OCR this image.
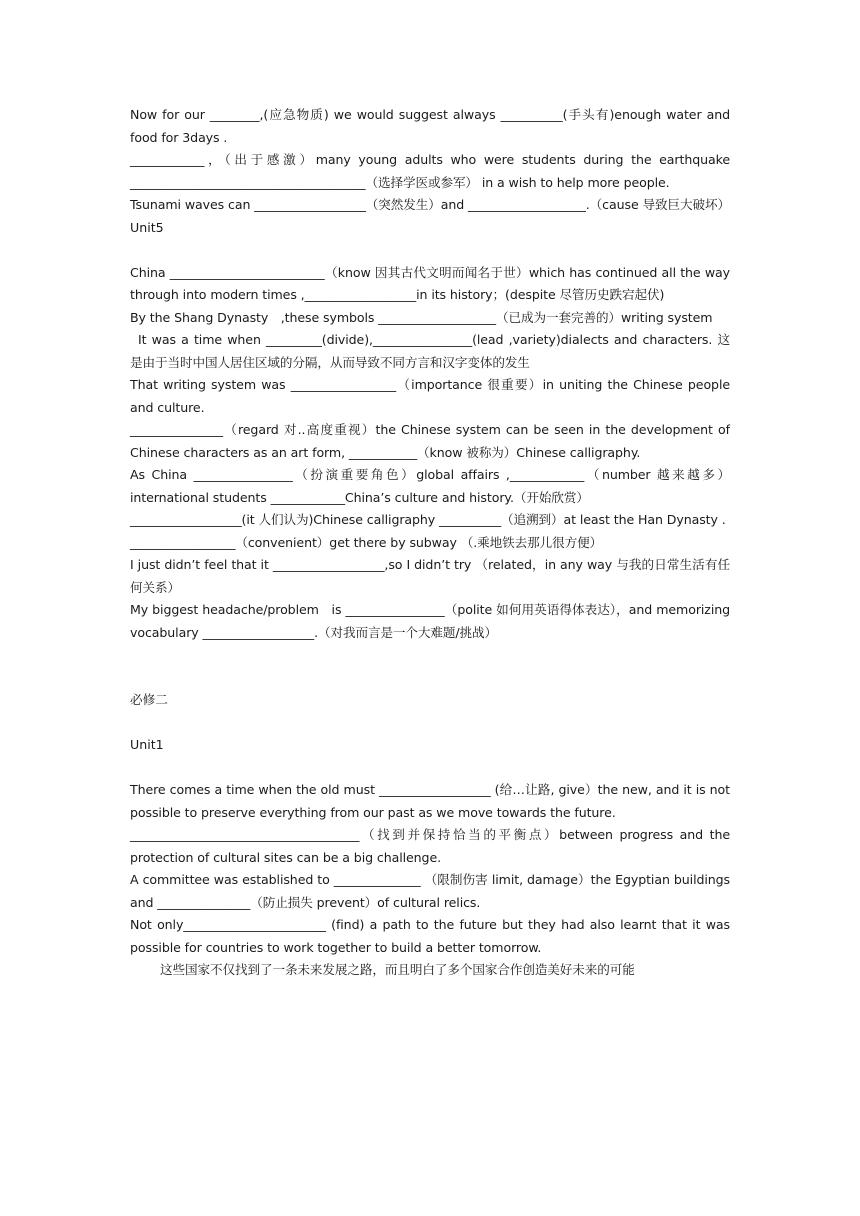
Now for our ________,(应急物质) we would suggest always __________(手头有)enough water and food for 3days .

____________，（出于感激）many young adults who were students during the earthquake ______________________________________（选择学医或参军） in a wish to help more people.

Tsunami waves can __________________（突然发生）and ___________________.（cause 导致巨大破坏）

Unit5

China _________________________（know 因其古代文明而闻名于世）which has continued all the way through into modern times ,__________________in its history；(despite 尽管历史跌宕起伏)

By the Shang Dynasty　,these symbols ___________________（已成为一套完善的）writing system

It was a time when _________(divide),________________(lead ,variety)dialects and characters. 这是由于当时中国人居住区域的分隔，从而导致不同方言和汉字变体的发生

That writing system was _________________（importance 很重要）in uniting the Chinese people and culture.

_______________（regard 对..高度重视）the Chinese system can be seen in the development of Chinese characters as an art form, ___________（know 被称为）Chinese calligraphy.

As China ________________（扮演重要角色）global affairs ,____________（number 越来越多）international students ____________China’s culture and history.（开始欣赏）

__________________(it 人们认为)Chinese calligraphy __________（追溯到）at least the Han Dynasty .

_________________（convenient）get there by subway （.乘地铁去那儿很方便）

I just didn’t feel that it __________________,so I didn’t try （related，in any way 与我的日常生活有任何关系）

My biggest headache/problem　is ________________（polite 如何用英语得体表达），and memorizing vocabulary __________________.（对我而言是一个大难题/挑战）

必修二

Unit1

There comes a time when the old must __________________ (给…让路, give）the new, and it is not possible to preserve everything from our past as we move towards the future.

_____________________________________（找到并保持恰当的平衡点）between progress and the protection of cultural sites can be a big challenge.

A committee was established to ______________ （限制伤害 limit, damage）the Egyptian buildings and _______________（防止损失 prevent）of cultural relics.

Not only_______________________ (find) a path to the future but they had also learnt that it was possible for countries to work together to build a better tomorrow.

这些国家不仅找到了一条未来发展之路，而且明白了多个国家合作创造美好未来的可能
